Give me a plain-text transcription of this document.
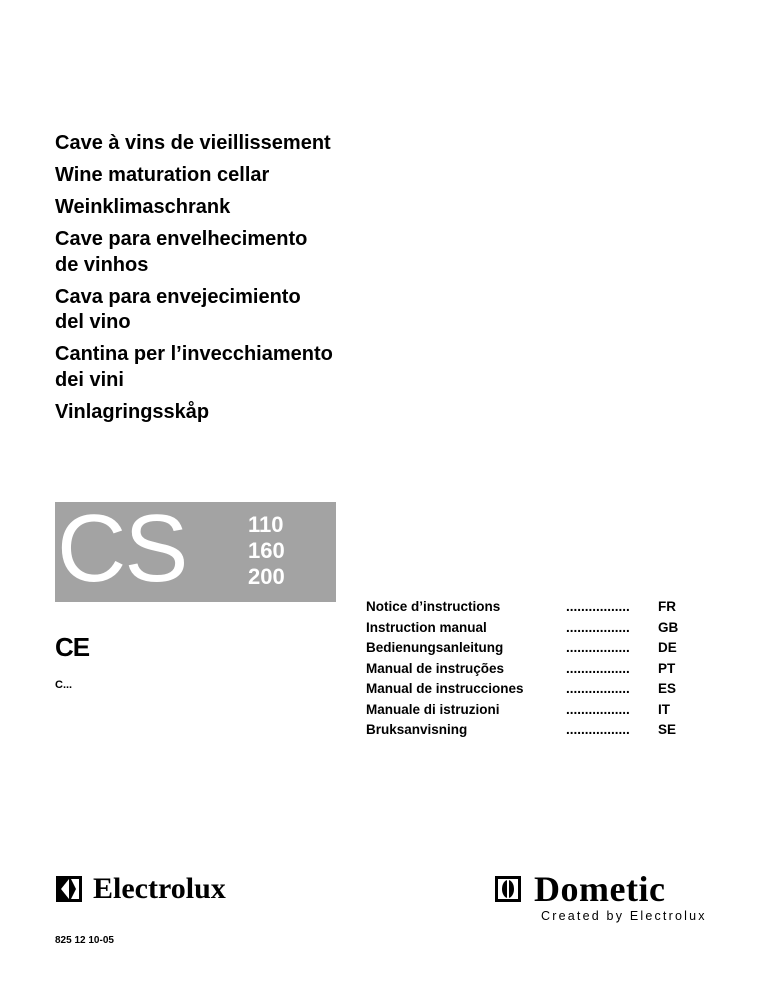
Cave à vins de vieillissement
Wine maturation cellar
Weinklimaschrank
Cave para envelhecimento
de vinhos
Cava para envejecimiento
del vino
Cantina per l’invecchiamento
dei vini
Vinlagringsskåp
CS	110
160
200
CE
C...
Notice d’instructions	................. FR
Instruction manual	................. GB
Bedienungsanleitung	................. DE
Manual de instruções	................. PT
Manual de instrucciones	................. ES
Manuale di istruzioni	................. IT
Bruksanvisning	................. SE
Electrolux	Dometic
Created by Electrolux
825 12 10-05
